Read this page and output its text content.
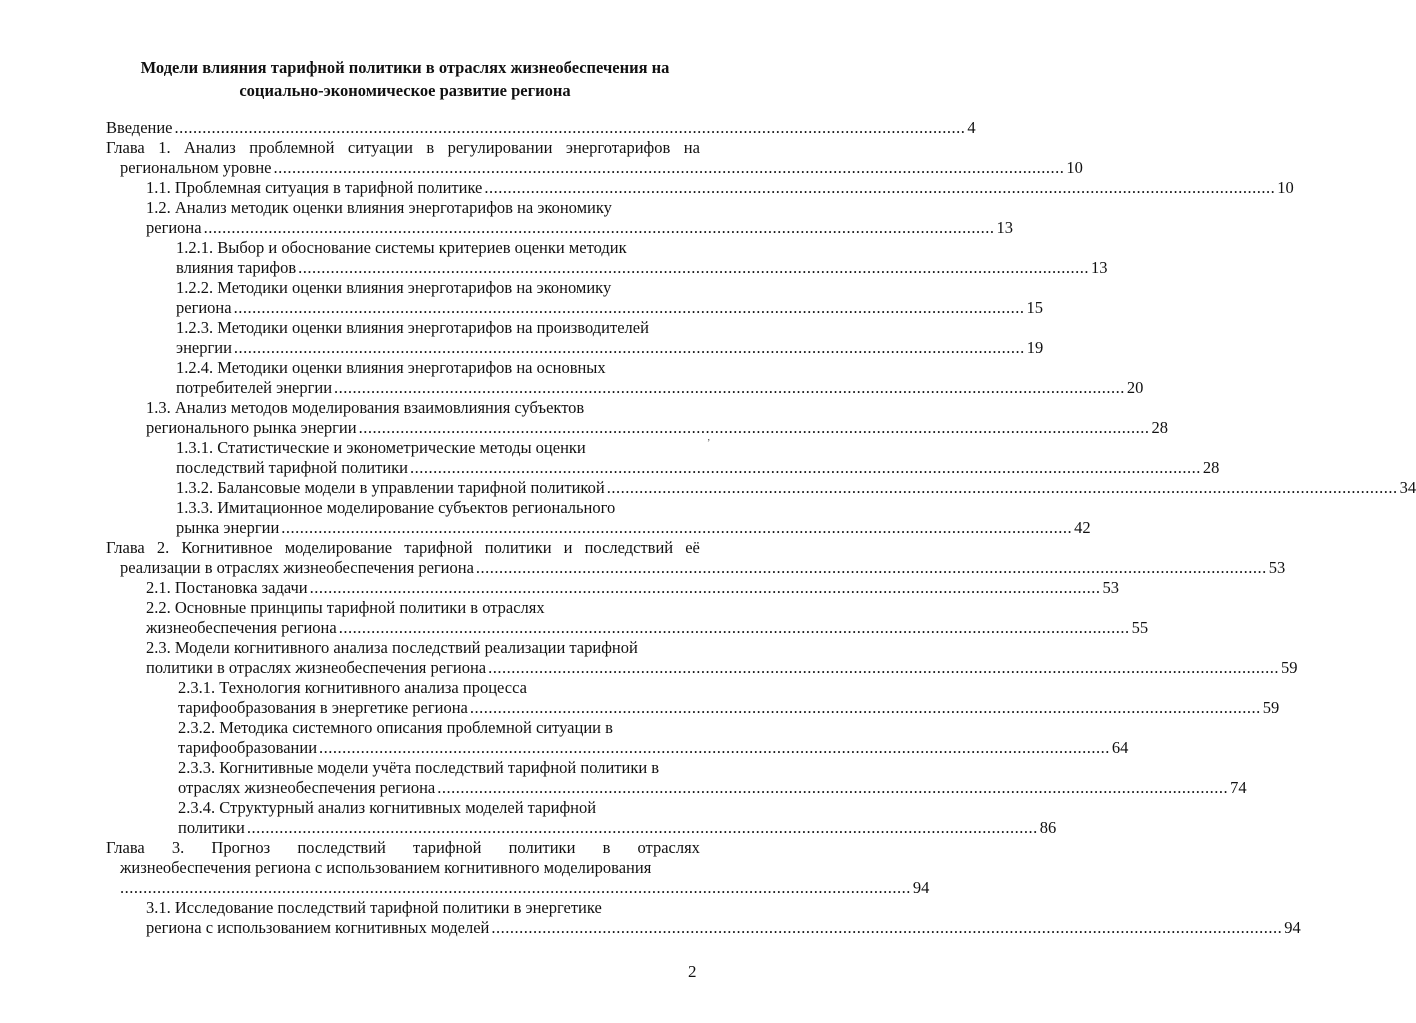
Модели влияния тарифной политики в отраслях жизнеобеспечения на
социально-экономическое развитие региона
Введение ........................................................................................................................................................................... 4
Глава 1. Анализ проблемной ситуации в регулировании энерготарифов на
региональном уровне ........................................................................................................................................................................... 10
1.1. Проблемная ситуация в тарифной политике ........................................................................................................................................................................... 10
1.2. Анализ методик оценки влияния энерготарифов на экономику
региона ........................................................................................................................................................................... 13
1.2.1. Выбор и обоснование системы критериев оценки методик
влияния тарифов ........................................................................................................................................................................... 13
1.2.2. Методики оценки влияния энерготарифов на экономику
региона ........................................................................................................................................................................... 15
1.2.3. Методики оценки влияния энерготарифов на производителей
энергии ........................................................................................................................................................................... 19
1.2.4. Методики оценки влияния энерготарифов на основных
потребителей энергии ........................................................................................................................................................................... 20
1.3. Анализ методов моделирования взаимовлияния субъектов
регионального рынка энергии ........................................................................................................................................................................... 28
1.3.1. Статистические и эконометрические методы оценки
последствий тарифной политики ........................................................................................................................................................................... 28
1.3.2. Балансовые модели в управлении тарифной политикой ........................................................................................................................................................................... 34
1.3.3. Имитационное моделирование субъектов регионального
рынка энергии ........................................................................................................................................................................... 42
Глава 2. Когнитивное моделирование тарифной политики и последствий её
реализации в отраслях жизнеобеспечения региона ........................................................................................................................................................................... 53
2.1. Постановка задачи ........................................................................................................................................................................... 53
2.2. Основные принципы тарифной политики в отраслях
жизнеобеспечения региона ........................................................................................................................................................................... 55
2.3. Модели когнитивного анализа последствий реализации тарифной
политики в отраслях жизнеобеспечения региона ........................................................................................................................................................................... 59
2.3.1. Технология когнитивного анализа процесса
тарифообразования в энергетике региона ........................................................................................................................................................................... 59
2.3.2. Методика системного описания проблемной ситуации в
тарифообразовании ........................................................................................................................................................................... 64
2.3.3. Когнитивные модели учёта последствий тарифной политики в
отраслях жизнеобеспечения региона ........................................................................................................................................................................... 74
2.3.4. Структурный анализ когнитивных моделей тарифной
политики ........................................................................................................................................................................... 86
Глава 3. Прогноз последствий тарифной политики в отраслях
жизнеобеспечения региона с использованием когнитивного моделирования
........................................................................................................................................................................... 94
3.1. Исследование последствий тарифной политики в энергетике
региона с использованием когнитивных моделей ........................................................................................................................................................................... 94
’
2
